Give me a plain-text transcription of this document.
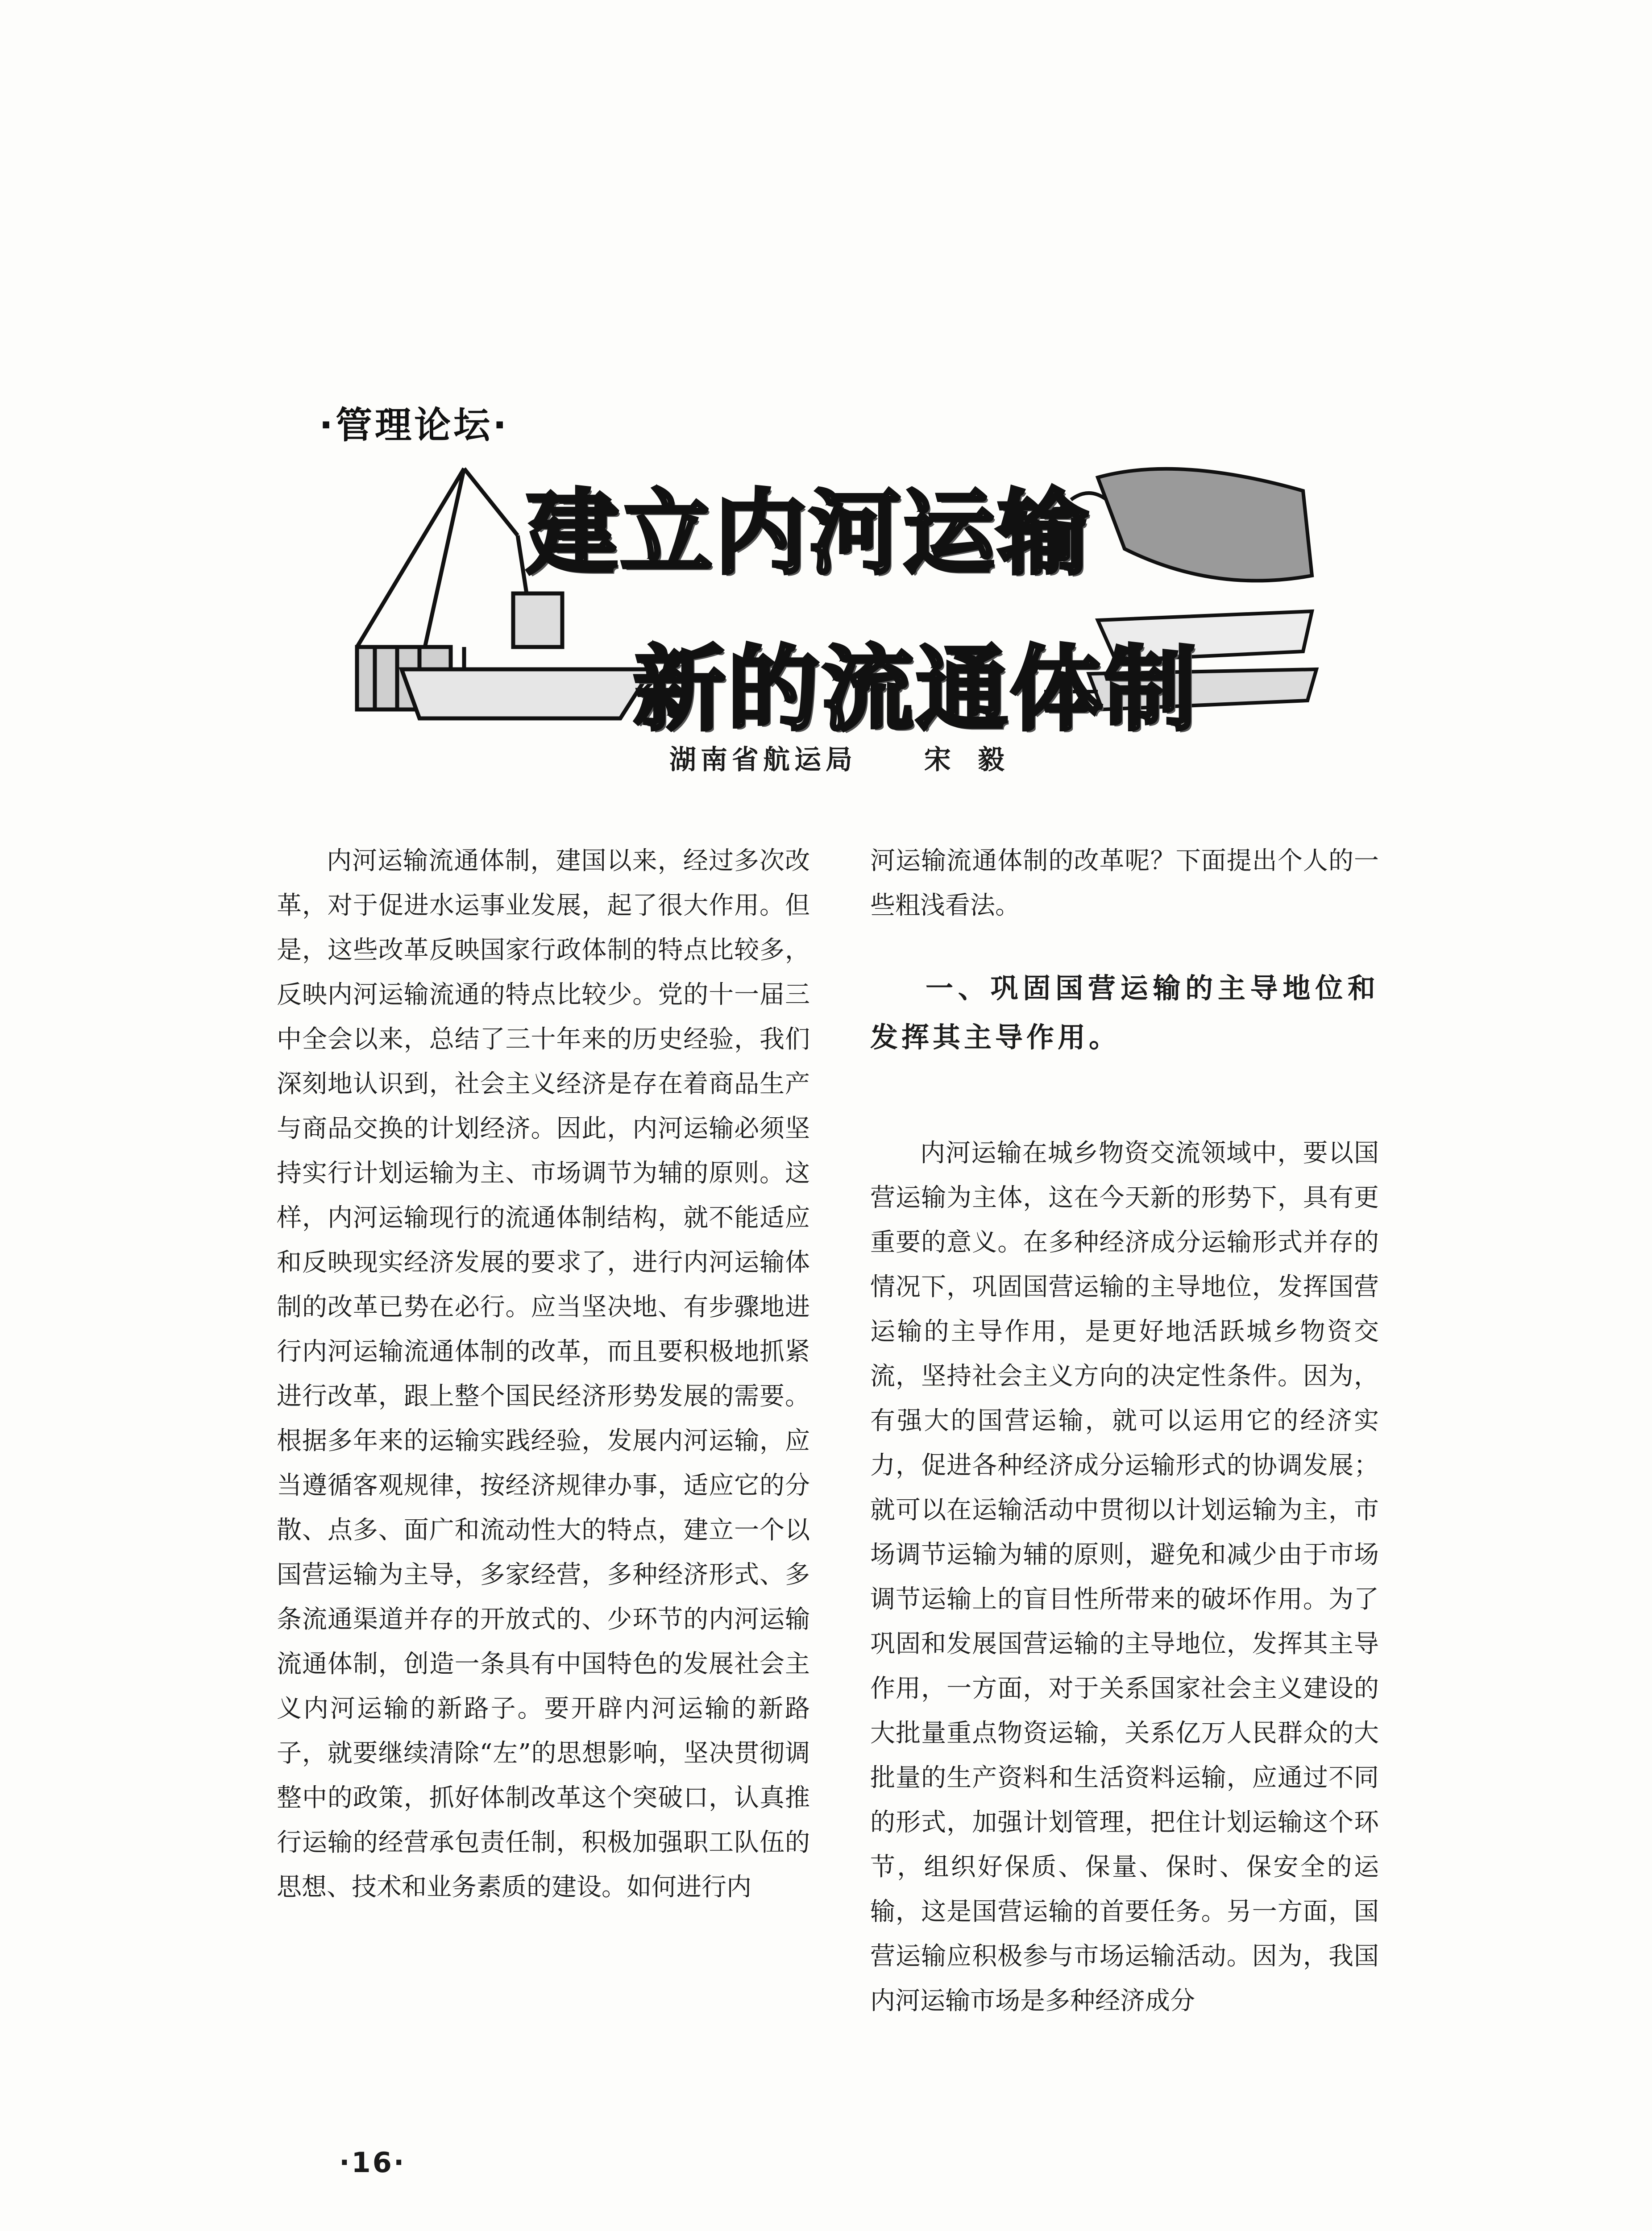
·管理论坛·
建立内河运输
新的流通体制
湖南省航运局	宋毅

内河运输流通体制，建国以来，经过多次改革，对于促进水运事业发展，起了很大作用。但是，这些改革反映国家行政体制的特点比较多，反映内河运输流通的特点比较少。党的十一届三中全会以来，总结了三十年来的历史经验，我们深刻地认识到，社会主义经济是存在着商品生产与商品交换的计划经济。因此，内河运输必须坚持实行计划运输为主、市场调节为辅的原则。这样，内河运输现行的流通体制结构，就不能适应和反映现实经济发展的要求了，进行内河运输体制的改革已势在必行。应当坚决地、有步骤地进行内河运输流通体制的改革，而且要积极地抓紧进行改革，跟上整个国民经济形势发展的需要。根据多年来的运输实践经验，发展内河运输，应当遵循客观规律，按经济规律办事，适应它的分散、点多、面广和流动性大的特点，建立一个以国营运输为主导，多家经营，多种经济形式、多条流通渠道并存的开放式的、少环节的内河运输流通体制，创造一条具有中国特色的发展社会主义内河运输的新路子。要开辟内河运输的新路子，就要继续清除“左”的思想影响，坚决贯彻调整中的政策，抓好体制改革这个突破口，认真推行运输的经营承包责任制，积极加强职工队伍的思想、技术和业务素质的建设。如何进行内

河运输流通体制的改革呢？下面提出个人的一些粗浅看法。

一、巩固国营运输的主导地位和发挥其主导作用。

内河运输在城乡物资交流领域中，要以国营运输为主体，这在今天新的形势下，具有更重要的意义。在多种经济成分运输形式并存的情况下，巩固国营运输的主导地位，发挥国营运输的主导作用，是更好地活跃城乡物资交流，坚持社会主义方向的决定性条件。因为，有强大的国营运输，就可以运用它的经济实力，促进各种经济成分运输形式的协调发展；就可以在运输活动中贯彻以计划运输为主，市场调节运输为辅的原则，避免和减少由于市场调节运输上的盲目性所带来的破坏作用。为了巩固和发展国营运输的主导地位，发挥其主导作用，一方面，对于关系国家社会主义建设的大批量重点物资运输，关系亿万人民群众的大批量的生产资料和生活资料运输，应通过不同的形式，加强计划管理，把住计划运输这个环节，组织好保质、保量、保时、保安全的运输，这是国营运输的首要任务。另一方面，国营运输应积极参与市场运输活动。因为，我国内河运输市场是多种经济成分

·16·
